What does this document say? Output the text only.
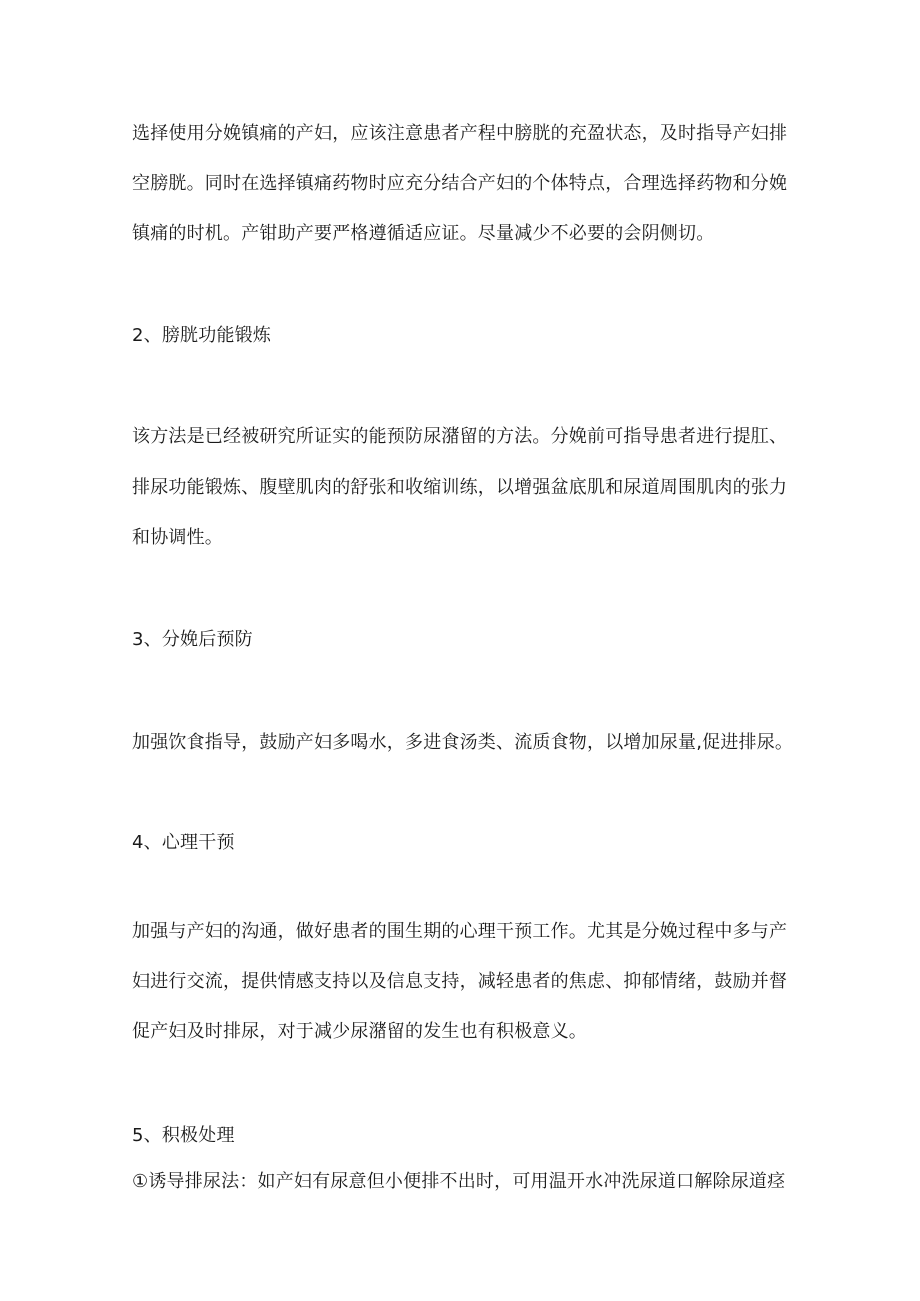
选择使用分娩镇痛的产妇，应该注意患者产程中膀胱的充盈状态，及时指导产妇排
空膀胱。同时在选择镇痛药物时应充分结合产妇的个体特点，合理选择药物和分娩
镇痛的时机。产钳助产要严格遵循适应证。尽量减少不必要的会阴侧切。
2、膀胱功能锻炼
该方法是已经被研究所证实的能预防尿潴留的方法。分娩前可指导患者进行提肛、
排尿功能锻炼、腹壁肌肉的舒张和收缩训练，以增强盆底肌和尿道周围肌肉的张力
和协调性。
3、分娩后预防
加强饮食指导，鼓励产妇多喝水，多进食汤类、流质食物，以增加尿量,促进排尿。
4、心理干预
加强与产妇的沟通，做好患者的围生期的心理干预工作。尤其是分娩过程中多与产
妇进行交流，提供情感支持以及信息支持，减轻患者的焦虑、抑郁情绪，鼓励并督
促产妇及时排尿，对于减少尿潴留的发生也有积极意义。
5、积极处理
①诱导排尿法：如产妇有尿意但小便排不出时，可用温开水冲洗尿道口解除尿道痉
